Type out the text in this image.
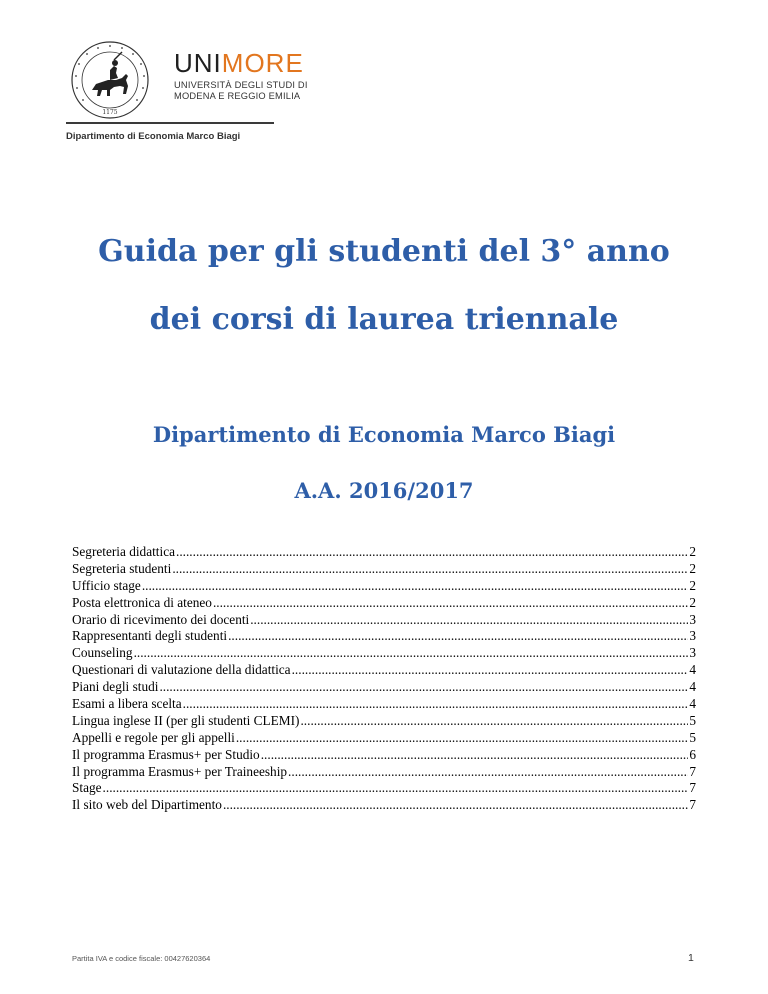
1175
UNIMORE
UNIVERSITÀ DEGLI STUDI DI
MODENA E REGGIO EMILIA
Dipartimento di Economia Marco Biagi
Guida per gli studenti del 3° anno
dei corsi di laurea triennale
Dipartimento di Economia Marco Biagi
A.A. 2016/2017
Segreteria didattica .....	2
Segreteria studenti .....	2
Ufficio stage .....	2
Posta elettronica di ateneo .....	2
Orario di ricevimento dei docenti .....	3
Rappresentanti degli studenti .....	3
Counseling .....	3
Questionari di valutazione della didattica .....	4
Piani degli studi .....	4
Esami a libera scelta .....	4
Lingua inglese II (per gli studenti CLEMI) .....	5
Appelli e regole per gli appelli .....	5
Il programma Erasmus+ per Studio .....	6
Il programma Erasmus+ per Traineeship .....	7
Stage .....	7
Il sito web del Dipartimento .....	7
Partita IVA e codice fiscale: 00427620364	1
